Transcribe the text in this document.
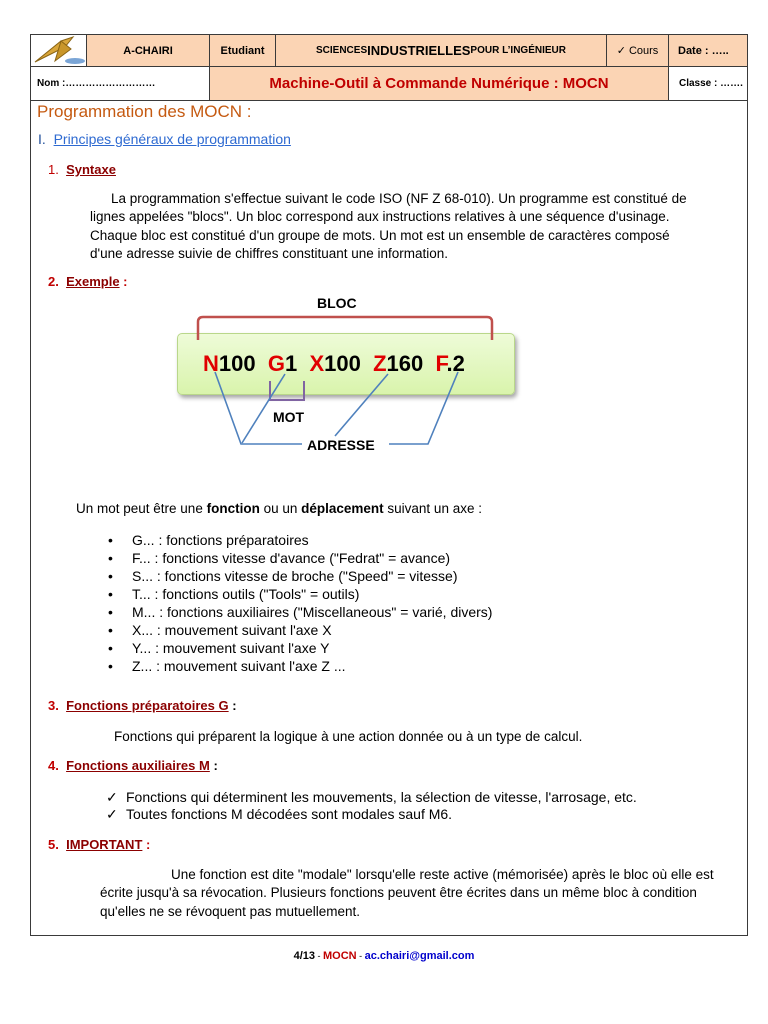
A-CHAIRI	Etudiant	SCIENCES INDUSTRIELLES POUR L’INGÉNIEUR	✓ Cours	Date : …..
Nom :………………………	Machine-Outil à Commande Numérique : MOCN	Classe : …….
Programmation des MOCN :
I. Principes généraux de programmation
1. Syntaxe
La programmation s'effectue suivant le code ISO (NF Z 68-010). Un programme est constitué de
lignes appelées "blocs". Un bloc correspond aux instructions relatives à une séquence d'usinage.
Chaque bloc est constitué d'un groupe de mots. Un mot est un ensemble de caractères composé
d'une adresse suivie de chiffres constituant une information.
2. Exemple :
BLOC
N100 G1 X100 Z160 F.2
MOT
ADRESSE
Un mot peut être une fonction ou un déplacement suivant un axe :
• G... : fonctions préparatoires
• F... : fonctions vitesse d'avance ("Fedrat" = avance)
• S... : fonctions vitesse de broche ("Speed" = vitesse)
• T... : fonctions outils ("Tools" = outils)
• M... : fonctions auxiliaires ("Miscellaneous" = varié, divers)
• X... : mouvement suivant l'axe X
• Y... : mouvement suivant l'axe Y
• Z... : mouvement suivant l'axe Z ...
3. Fonctions préparatoires G :
Fonctions qui préparent la logique à une action donnée ou à un type de calcul.
4. Fonctions auxiliaires M :
✓ Fonctions qui déterminent les mouvements, la sélection de vitesse, l'arrosage, etc.
✓ Toutes fonctions M décodées sont modales sauf M6.
5. IMPORTANT :
Une fonction est dite "modale" lorsqu'elle reste active (mémorisée) après le bloc où elle est
écrite jusqu'à sa révocation. Plusieurs fonctions peuvent être écrites dans un même bloc à condition
qu'elles ne se révoquent pas mutuellement.
4/13 - MOCN - ac.chairi@gmail.com
